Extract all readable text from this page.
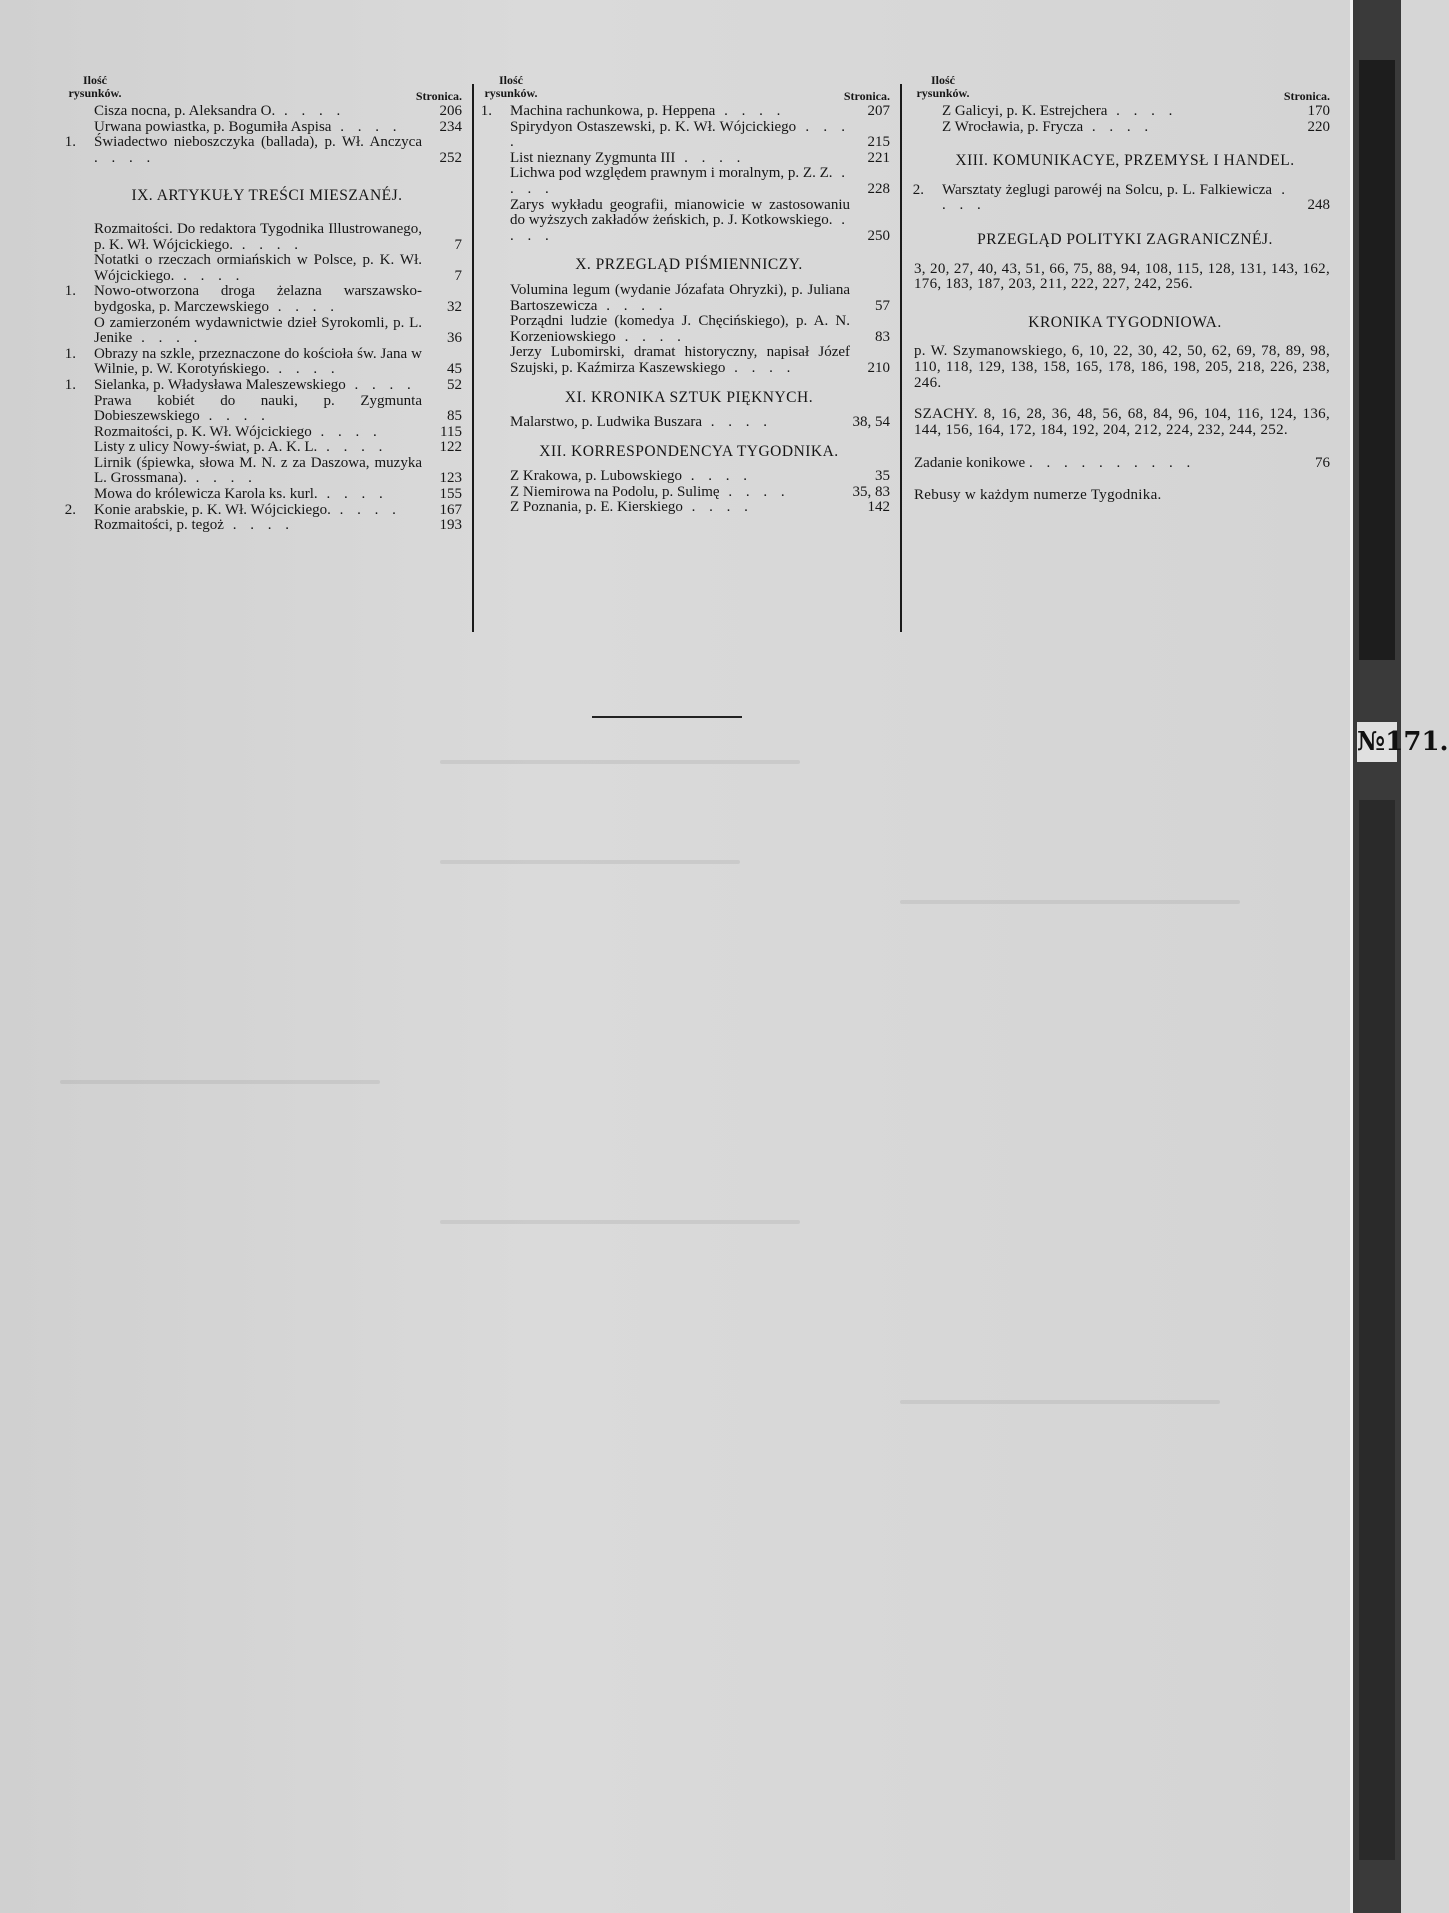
Ilość rysunków.	Stronica.
Cisza nocna, p. Aleksandra O. . . . .	206
Urwana powiastka, p. Bogumiła Aspisa . . . .	234
1. Świadectwo nieboszczyka (ballada), p. Wł. Anczyca . . . .	252
IX. ARTYKUŁY TREŚCI MIESZANÉJ.
Rozmaitości. Do redaktora Tygodnika Illustrowanego, p. K. Wł. Wójcickiego. . . . .	7
Notatki o rzeczach ormiańskich w Polsce, p. K. Wł. Wójcickiego. . . . .	7
1. Nowo-otworzona droga żelazna warszawsko-bydgoska, p. Marczewskiego . . . .	32
O zamierzoném wydawnictwie dzieł Syrokomli, p. L. Jenike . . . .	36
1. Obrazy na szkle, przeznaczone do kościoła św. Jana w Wilnie, p. W. Korotyńskiego. . . . .	45
1. Sielanka, p. Władysława Maleszewskiego . . . . 52
Prawa kobiét do nauki, p. Zygmunta Dobieszewskiego . . . .	85
Rozmaitości, p. K. Wł. Wójcickiego . . . .	115
Listy z ulicy Nowy-świat, p. A. K. L. . . . .	122
Lirnik (śpiewka, słowa M. N. z za Daszowa, muzyka L. Grossmana). . . . .	123
Mowa do królewicza Karola ks. kurl. . . . .	155
2. Konie arabskie, p. K. Wł. Wójcickiego. . . . .	167
Rozmaitości, p. tegoż . . . .	193
Ilość rysunków.	Stronica.
1. Machina rachunkowa, p. Heppena . . . .	207
Spirydyon Ostaszewski, p. K. Wł. Wójcickiego . . . .	215
List nieznany Zygmunta III . . . .	221
Lichwa pod względem prawnym i moralnym, p. Z. Z. . . . .	228
Zarys wykładu geografii, mianowicie w zastosowaniu do wyższych zakładów żeńskich, p. J. Kotkowskiego. . . . .	250
X. PRZEGLĄD PIŚMIENNICZY.
Volumina legum (wydanie Józafata Ohryzki), p. Juliana Bartoszewicza . . . .	57
Porządni ludzie (komedya J. Chęcińskiego), p. A. N. Korzeniowskiego . . . .	83
Jerzy Lubomirski, dramat historyczny, napisał Józef Szujski, p. Kaźmirza Kaszewskiego . . . .	210
XI. KRONIKA SZTUK PIĘKNYCH.
Malarstwo, p. Ludwika Buszara . . . .	38, 54
XII. KORRESPONDENCYA TYGODNIKA.
Z Krakowa, p. Lubowskiego . . . .	35
Z Niemirowa na Podolu, p. Sulimę . . . .	35, 83
Z Poznania, p. E. Kierskiego . . . .	142
Ilość rysunków.	Stronica.
Z Galicyi, p. K. Estrejchera . . . .	170
Z Wrocławia, p. Frycza . . . .	220
XIII. KOMUNIKACYE, PRZEMYSŁ I HANDEL.
2. Warsztaty żeglugi parowéj na Solcu, p. L. Falkiewicza . . . .	248
PRZEGLĄD POLITYKI ZAGRANICZNÉJ.
3, 20, 27, 40, 43, 51, 66, 75, 88, 94, 108, 115, 128, 131, 143, 162, 176, 183, 187, 203, 211, 222, 227, 242, 256.
KRONIKA TYGODNIOWA.
p. W. Szymanowskiego, 6, 10, 22, 30, 42, 50, 62, 69, 78, 89, 98, 110, 118, 129, 138, 158, 165, 178, 186, 198, 205, 218, 226, 238, 246.
SZACHY. 8, 16, 28, 36, 48, 56, 68, 84, 96, 104, 116, 124, 136, 144, 156, 164, 172, 184, 192, 204, 212, 224, 232, 244, 252.
Zadanie konikowe . . . . . . . . . .	76
Rebusy w każdym numerze Tygodnika.
№171.
